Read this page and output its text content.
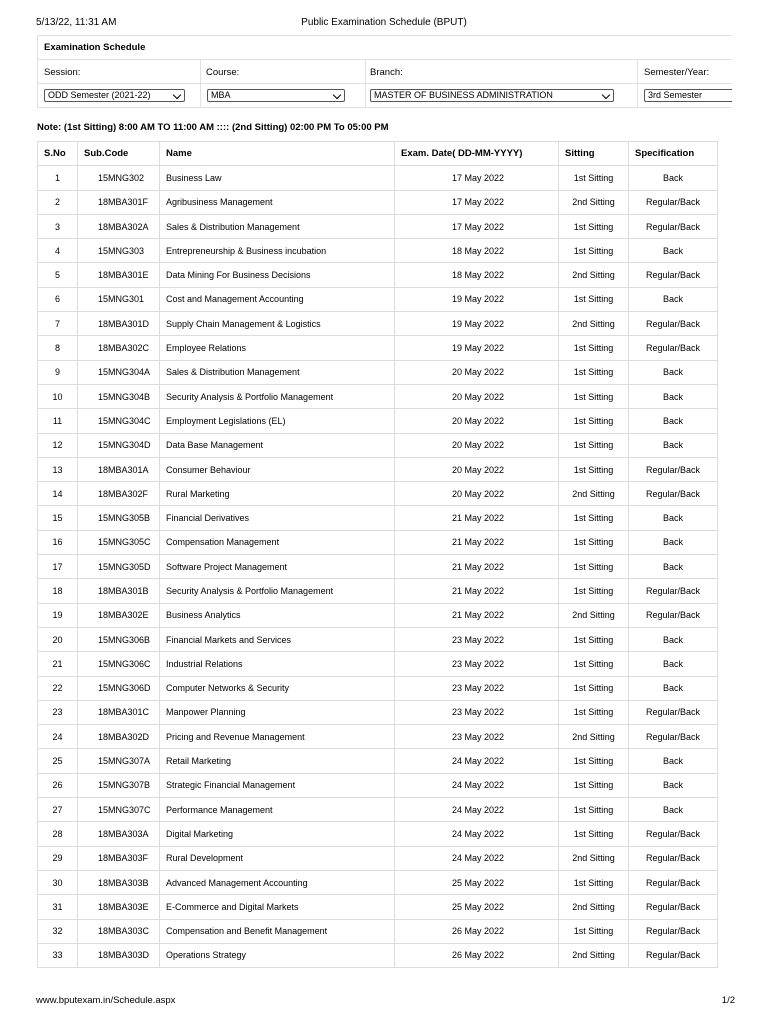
5/13/22, 11:31 AM	Public Examination Schedule (BPUT)
Examination Schedule
Session:	Course:	Branch:	Semester/Year:
ODD Semester (2021-22)	MBA	MASTER OF BUSINESS ADMINISTRATION	3rd Semester
Note: (1st Sitting) 8:00 AM TO 11:00 AM :::: (2nd Sitting) 02:00 PM To 05:00 PM
S.No	Sub.Code	Name	Exam. Date( DD-MM-YYYY)	Sitting	Specification
1	15MNG302	Business Law	17 May 2022	1st Sitting	Back
2	18MBA301F	Agribusiness Management	17 May 2022	2nd Sitting	Regular/Back
3	18MBA302A	Sales & Distribution Management	17 May 2022	1st Sitting	Regular/Back
4	15MNG303	Entrepreneurship & Business incubation	18 May 2022	1st Sitting	Back
5	18MBA301E	Data Mining For Business Decisions	18 May 2022	2nd Sitting	Regular/Back
6	15MNG301	Cost and Management Accounting	19 May 2022	1st Sitting	Back
7	18MBA301D	Supply Chain Management & Logistics	19 May 2022	2nd Sitting	Regular/Back
8	18MBA302C	Employee Relations	19 May 2022	1st Sitting	Regular/Back
9	15MNG304A	Sales & Distribution Management	20 May 2022	1st Sitting	Back
10	15MNG304B	Security Analysis & Portfolio Management	20 May 2022	1st Sitting	Back
11	15MNG304C	Employment Legislations (EL)	20 May 2022	1st Sitting	Back
12	15MNG304D	Data Base Management	20 May 2022	1st Sitting	Back
13	18MBA301A	Consumer Behaviour	20 May 2022	1st Sitting	Regular/Back
14	18MBA302F	Rural Marketing	20 May 2022	2nd Sitting	Regular/Back
15	15MNG305B	Financial Derivatives	21 May 2022	1st Sitting	Back
16	15MNG305C	Compensation Management	21 May 2022	1st Sitting	Back
17	15MNG305D	Software Project Management	21 May 2022	1st Sitting	Back
18	18MBA301B	Security Analysis & Portfolio Management	21 May 2022	1st Sitting	Regular/Back
19	18MBA302E	Business Analytics	21 May 2022	2nd Sitting	Regular/Back
20	15MNG306B	Financial Markets and Services	23 May 2022	1st Sitting	Back
21	15MNG306C	Industrial Relations	23 May 2022	1st Sitting	Back
22	15MNG306D	Computer Networks & Security	23 May 2022	1st Sitting	Back
23	18MBA301C	Manpower Planning	23 May 2022	1st Sitting	Regular/Back
24	18MBA302D	Pricing and Revenue Management	23 May 2022	2nd Sitting	Regular/Back
25	15MNG307A	Retail Marketing	24 May 2022	1st Sitting	Back
26	15MNG307B	Strategic Financial Management	24 May 2022	1st Sitting	Back
27	15MNG307C	Performance Management	24 May 2022	1st Sitting	Back
28	18MBA303A	Digital Marketing	24 May 2022	1st Sitting	Regular/Back
29	18MBA303F	Rural Development	24 May 2022	2nd Sitting	Regular/Back
30	18MBA303B	Advanced Management Accounting	25 May 2022	1st Sitting	Regular/Back
31	18MBA303E	E-Commerce and Digital Markets	25 May 2022	2nd Sitting	Regular/Back
32	18MBA303C	Compensation and Benefit Management	26 May 2022	1st Sitting	Regular/Back
33	18MBA303D	Operations Strategy	26 May 2022	2nd Sitting	Regular/Back
www.bputexam.in/Schedule.aspx	1/2
